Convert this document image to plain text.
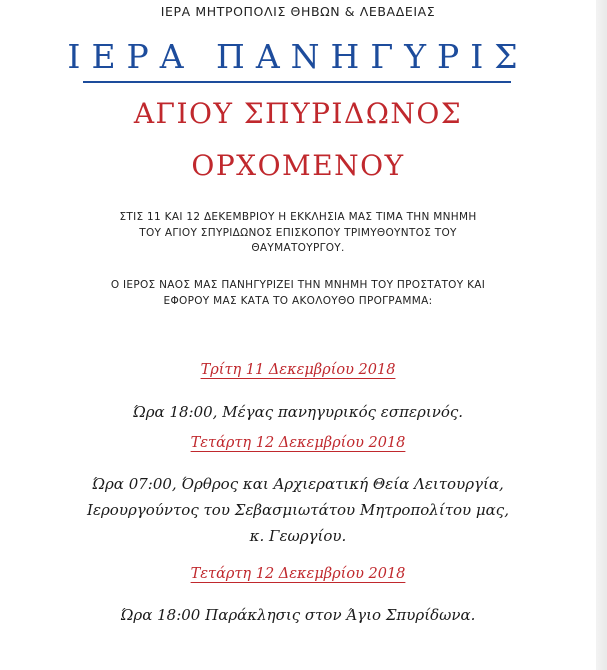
ΙΕΡΑ ΜΗΤΡΟΠΟΛΙΣ ΘΗΒΩΝ & ΛΕΒΑΔΕΙΑΣ
ΙΕΡΑ ΠΑΝΗΓΥΡΙΣ
ΑΓΙΟΥ ΣΠΥΡΙΔΩΝΟΣ
ΟΡΧΟΜΕΝΟΥ
ΣΤΙΣ 11 ΚΑΙ 12 ΔΕΚΕΜΒΡΙΟΥ Η ΕΚΚΛΗΣΙΑ ΜΑΣ ΤΙΜΑ ΤΗΝ ΜΝΗΜΗ
ΤΟΥ ΑΓΙΟΥ ΣΠΥΡΙΔΩΝΟΣ ΕΠΙΣΚΟΠΟΥ ΤΡΙΜΥΘΟΥΝΤΟΣ ΤΟΥ
ΘΑΥΜΑΤΟΥΡΓΟΥ.
Ο ΙΕΡΟΣ ΝΑΟΣ ΜΑΣ ΠΑΝΗΓΥΡΙΖΕΙ ΤΗΝ ΜΝΗΜΗ ΤΟΥ ΠΡΟΣΤΑΤΟΥ ΚΑΙ
ΕΦΟΡΟΥ ΜΑΣ ΚΑΤΑ ΤΟ ΑΚΟΛΟΥΘΟ ΠΡΟΓΡΑΜΜΑ:
Τρίτη 11 Δεκεμβρίου 2018
Ώρα 18:00, Μέγας πανηγυρικός εσπερινός.
Τετάρτη 12 Δεκεμβρίου 2018
Ώρα 07:00, Όρθρος και Αρχιερατική Θεία Λειτουργία,
Ιερουργούντος του Σεβασμιωτάτου Μητροπολίτου μας,
κ. Γεωργίου.
Τετάρτη 12 Δεκεμβρίου 2018
Ώρα 18:00 Παράκλησις στον Άγιο Σπυρίδωνα.
